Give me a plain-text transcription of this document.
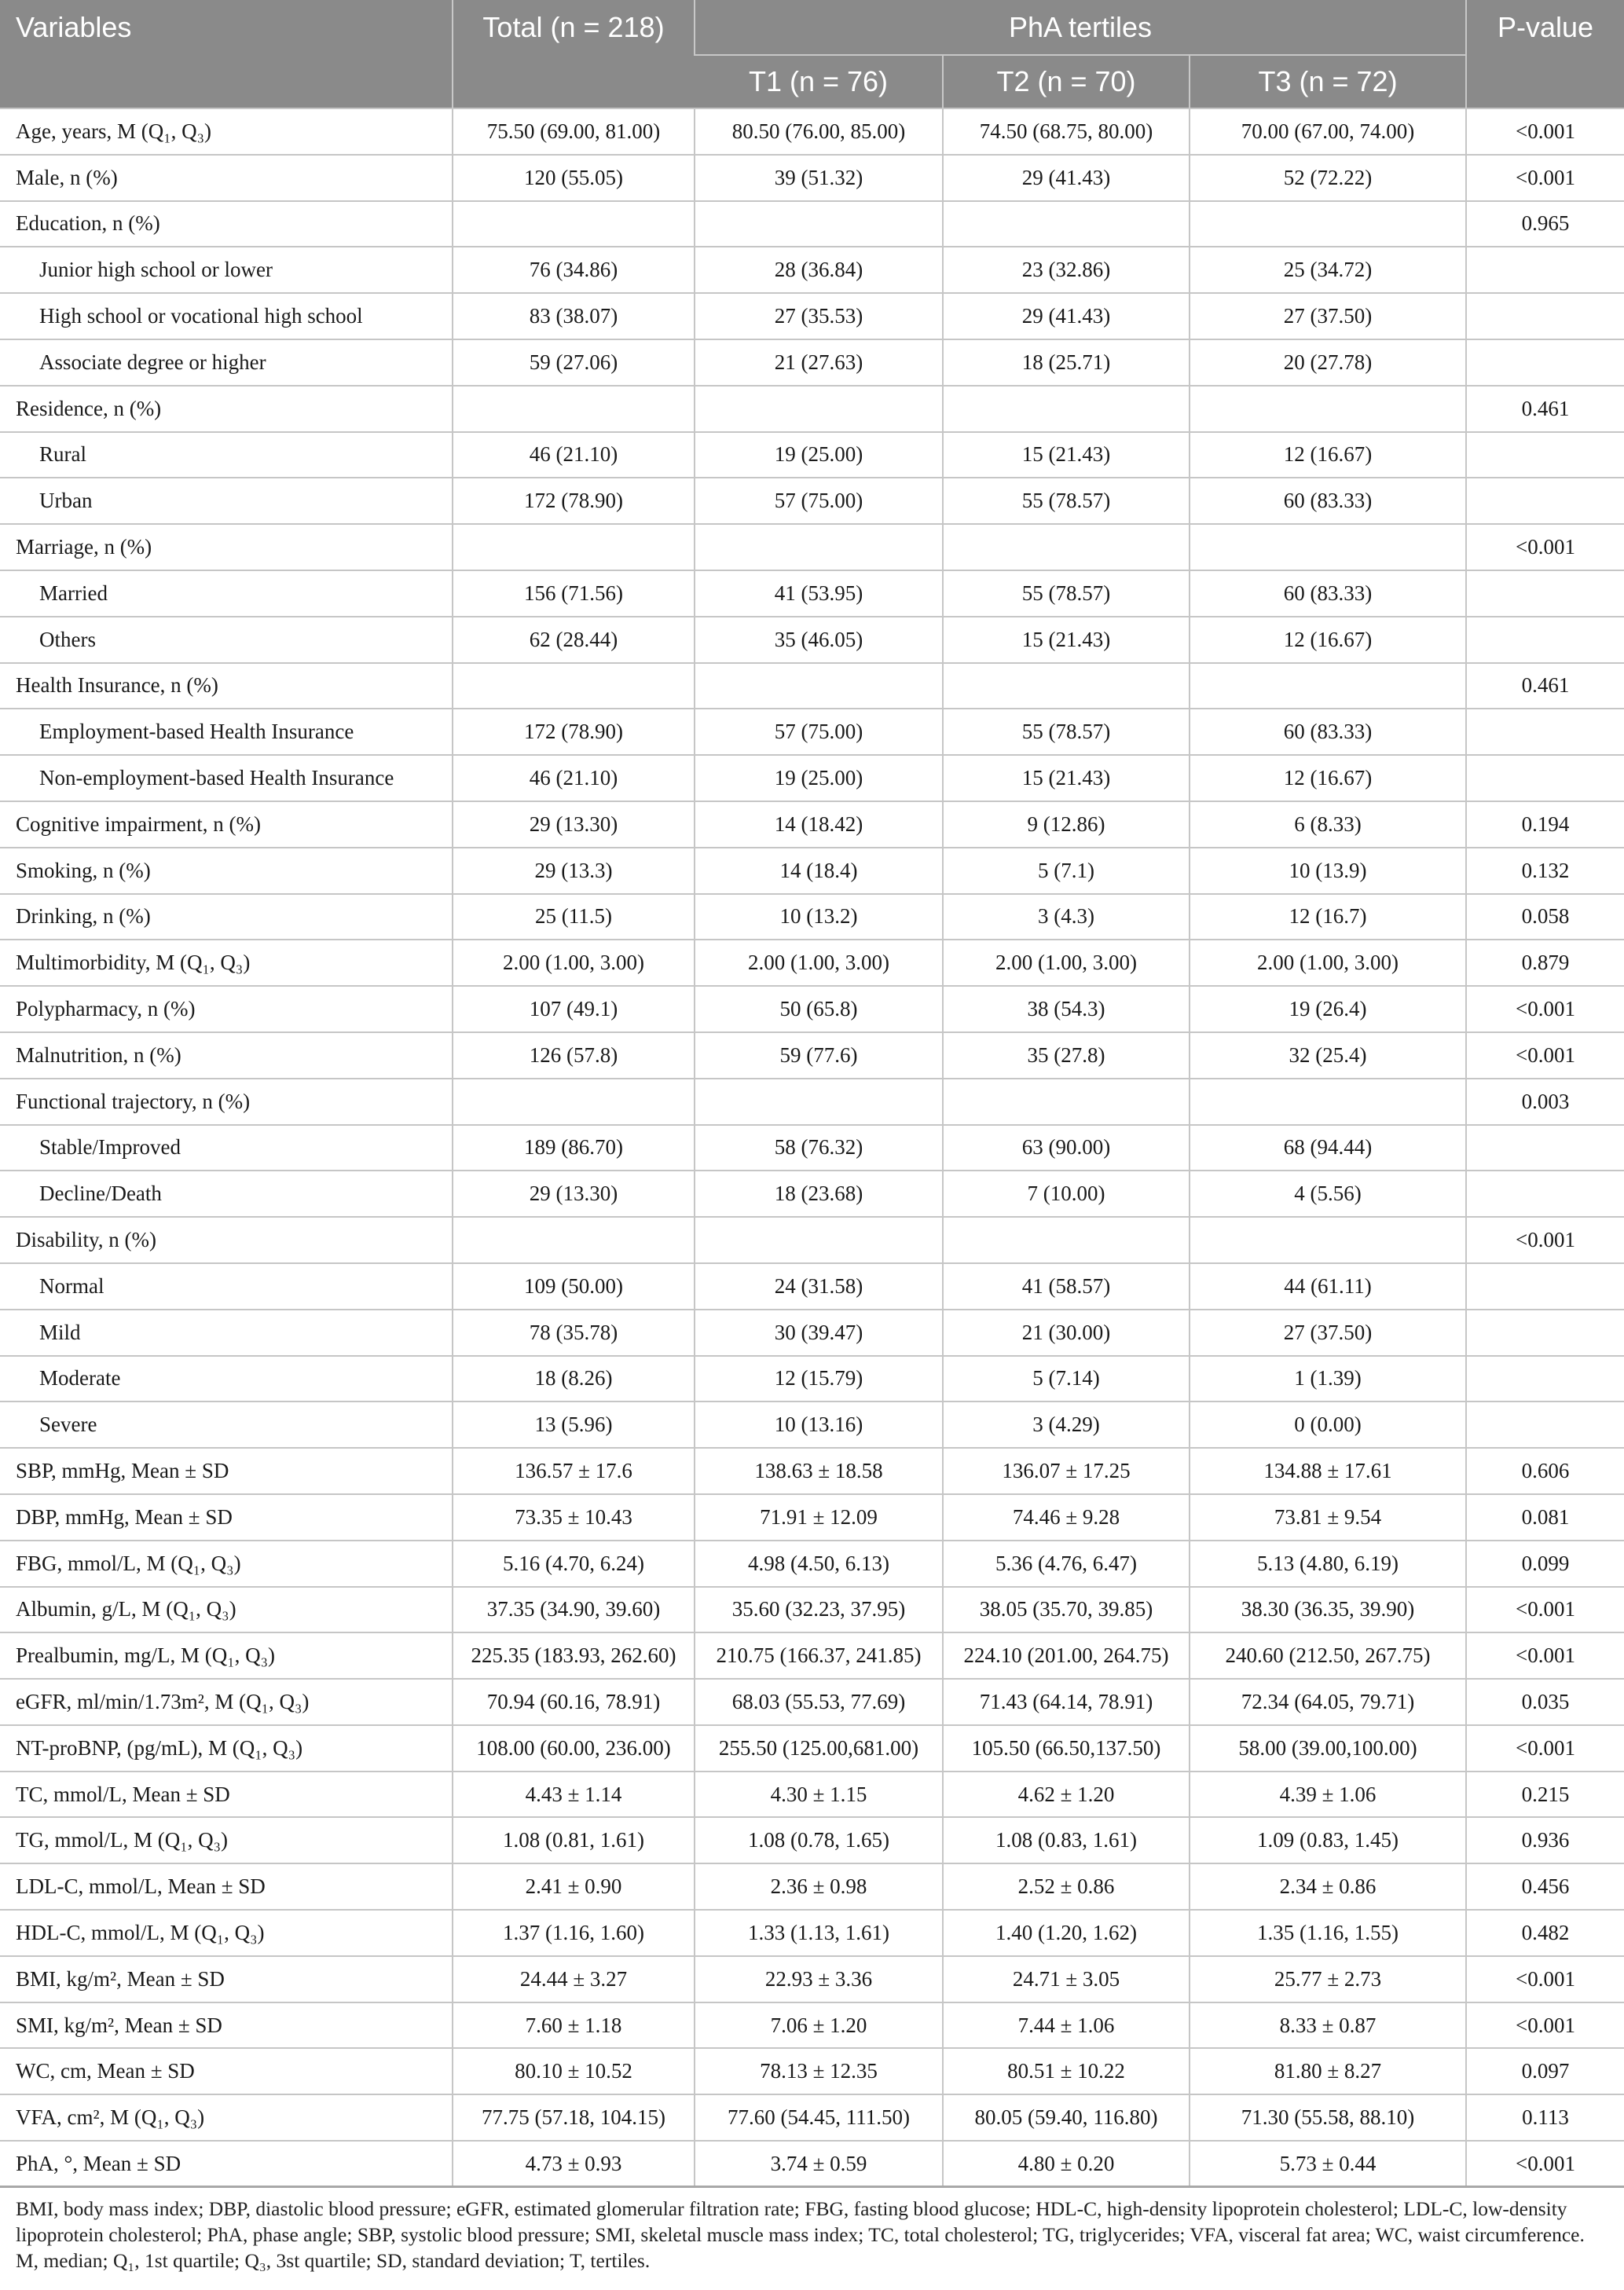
Variables	Total (n = 218)	PhA tertiles			P-value
		T1 (n = 76)	T2 (n = 70)	T3 (n = 72)	
Age, years, M (Q₁, Q₃)	75.50 (69.00, 81.00)	80.50 (76.00, 85.00)	74.50 (68.75, 80.00)	70.00 (67.00, 74.00)	<0.001
Male, n (%)	120 (55.05)	39 (51.32)	29 (41.43)	52 (72.22)	<0.001
Education, n (%)					0.965
Junior high school or lower	76 (34.86)	28 (36.84)	23 (32.86)	25 (34.72)	
High school or vocational high school	83 (38.07)	27 (35.53)	29 (41.43)	27 (37.50)	
Associate degree or higher	59 (27.06)	21 (27.63)	18 (25.71)	20 (27.78)	
Residence, n (%)					0.461
Rural	46 (21.10)	19 (25.00)	15 (21.43)	12 (16.67)	
Urban	172 (78.90)	57 (75.00)	55 (78.57)	60 (83.33)	
Marriage, n (%)					<0.001
Married	156 (71.56)	41 (53.95)	55 (78.57)	60 (83.33)	
Others	62 (28.44)	35 (46.05)	15 (21.43)	12 (16.67)	
Health Insurance, n (%)					0.461
Employment-based Health Insurance	172 (78.90)	57 (75.00)	55 (78.57)	60 (83.33)	
Non-employment-based Health Insurance	46 (21.10)	19 (25.00)	15 (21.43)	12 (16.67)	
Cognitive impairment, n (%)	29 (13.30)	14 (18.42)	9 (12.86)	6 (8.33)	0.194
Smoking, n (%)	29 (13.3)	14 (18.4)	5 (7.1)	10 (13.9)	0.132
Drinking, n (%)	25 (11.5)	10 (13.2)	3 (4.3)	12 (16.7)	0.058
Multimorbidity, M (Q₁, Q₃)	2.00 (1.00, 3.00)	2.00 (1.00, 3.00)	2.00 (1.00, 3.00)	2.00 (1.00, 3.00)	0.879
Polypharmacy, n (%)	107 (49.1)	50 (65.8)	38 (54.3)	19 (26.4)	<0.001
Malnutrition, n (%)	126 (57.8)	59 (77.6)	35 (27.8)	32 (25.4)	<0.001
Functional trajectory, n (%)					0.003
Stable/Improved	189 (86.70)	58 (76.32)	63 (90.00)	68 (94.44)	
Decline/Death	29 (13.30)	18 (23.68)	7 (10.00)	4 (5.56)	
Disability, n (%)					<0.001
Normal	109 (50.00)	24 (31.58)	41 (58.57)	44 (61.11)	
Mild	78 (35.78)	30 (39.47)	21 (30.00)	27 (37.50)	
Moderate	18 (8.26)	12 (15.79)	5 (7.14)	1 (1.39)	
Severe	13 (5.96)	10 (13.16)	3 (4.29)	0 (0.00)	
SBP, mmHg, Mean ± SD	136.57 ± 17.6	138.63 ± 18.58	136.07 ± 17.25	134.88 ± 17.61	0.606
DBP, mmHg, Mean ± SD	73.35 ± 10.43	71.91 ± 12.09	74.46 ± 9.28	73.81 ± 9.54	0.081
FBG, mmol/L, M (Q₁, Q₃)	5.16 (4.70, 6.24)	4.98 (4.50, 6.13)	5.36 (4.76, 6.47)	5.13 (4.80, 6.19)	0.099
Albumin, g/L, M (Q₁, Q₃)	37.35 (34.90, 39.60)	35.60 (32.23, 37.95)	38.05 (35.70, 39.85)	38.30 (36.35, 39.90)	<0.001
Prealbumin, mg/L, M (Q₁, Q₃)	225.35 (183.93, 262.60)	210.75 (166.37, 241.85)	224.10 (201.00, 264.75)	240.60 (212.50, 267.75)	<0.001
eGFR, ml/min/1.73m², M (Q₁, Q₃)	70.94 (60.16, 78.91)	68.03 (55.53, 77.69)	71.43 (64.14, 78.91)	72.34 (64.05, 79.71)	0.035
NT-proBNP, (pg/mL), M (Q₁, Q₃)	108.00 (60.00, 236.00)	255.50 (125.00,681.00)	105.50 (66.50,137.50)	58.00 (39.00,100.00)	<0.001
TC, mmol/L, Mean ± SD	4.43 ± 1.14	4.30 ± 1.15	4.62 ± 1.20	4.39 ± 1.06	0.215
TG, mmol/L, M (Q₁, Q₃)	1.08 (0.81, 1.61)	1.08 (0.78, 1.65)	1.08 (0.83, 1.61)	1.09 (0.83, 1.45)	0.936
LDL-C, mmol/L, Mean ± SD	2.41 ± 0.90	2.36 ± 0.98	2.52 ± 0.86	2.34 ± 0.86	0.456
HDL-C, mmol/L, M (Q₁, Q₃)	1.37 (1.16, 1.60)	1.33 (1.13, 1.61)	1.40 (1.20, 1.62)	1.35 (1.16, 1.55)	0.482
BMI, kg/m², Mean ± SD	24.44 ± 3.27	22.93 ± 3.36	24.71 ± 3.05	25.77 ± 2.73	<0.001
SMI, kg/m², Mean ± SD	7.60 ± 1.18	7.06 ± 1.20	7.44 ± 1.06	8.33 ± 0.87	<0.001
WC, cm, Mean ± SD	80.10 ± 10.52	78.13 ± 12.35	80.51 ± 10.22	81.80 ± 8.27	0.097
VFA, cm², M (Q₁, Q₃)	77.75 (57.18, 104.15)	77.60 (54.45, 111.50)	80.05 (59.40, 116.80)	71.30 (55.58, 88.10)	0.113
PhA, °, Mean ± SD	4.73 ± 0.93	3.74 ± 0.59	4.80 ± 0.20	5.73 ± 0.44	<0.001
BMI, body mass index; DBP, diastolic blood pressure; eGFR, estimated glomerular filtration rate; FBG, fasting blood glucose; HDL-C, high-density lipoprotein cholesterol; LDL-C, low-density lipoprotein cholesterol; PhA, phase angle; SBP, systolic blood pressure; SMI, skeletal muscle mass index; TC, total cholesterol; TG, triglycerides; VFA, visceral fat area; WC, waist circumference. M, median; Q₁, 1st quartile; Q₃, 3st quartile; SD, standard deviation; T, tertiles.
